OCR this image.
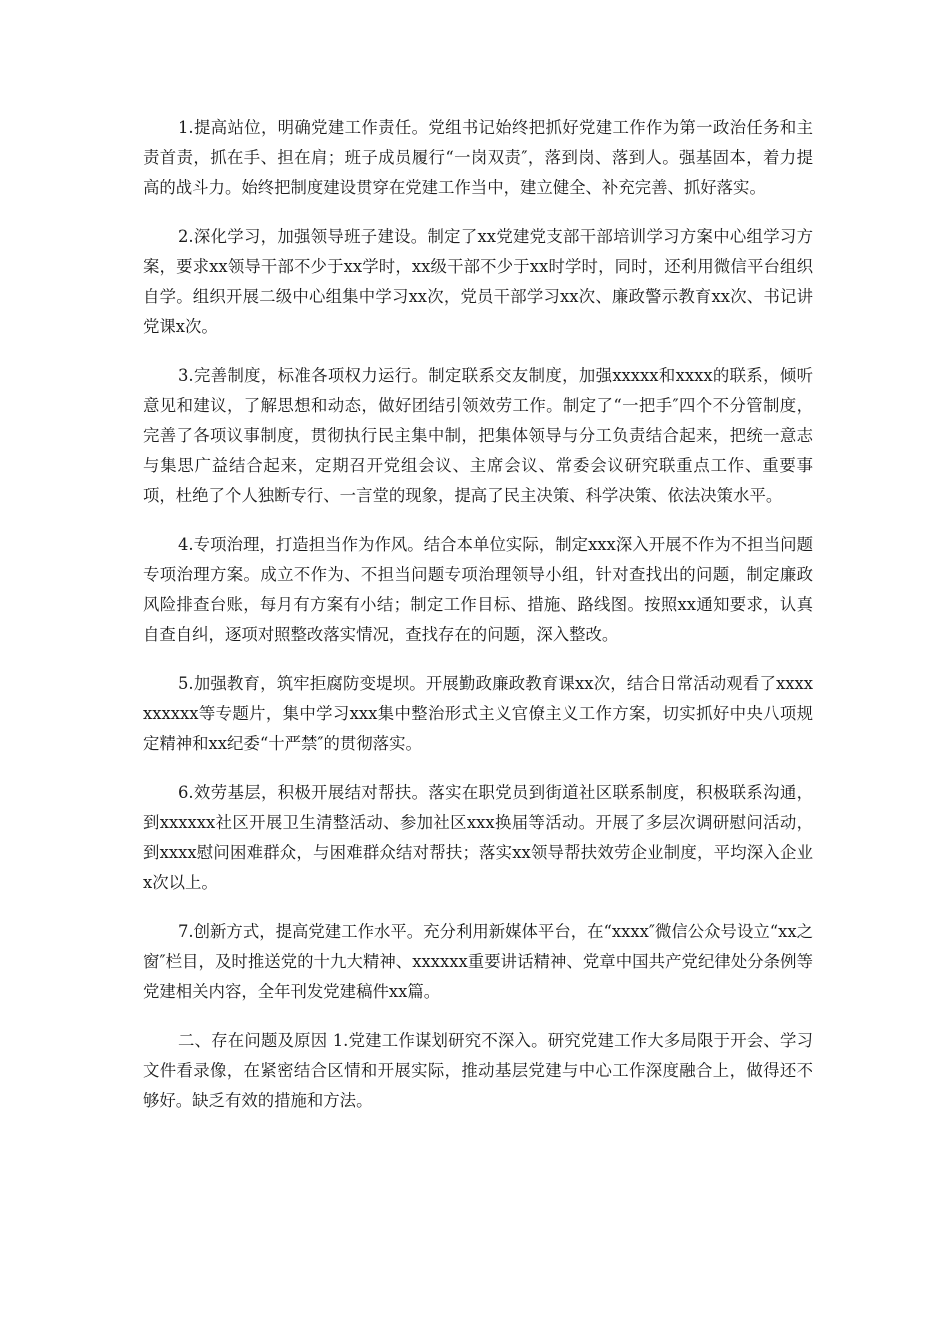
1.提高站位，明确党建工作责任。党组书记始终把抓好党建工作作为第一政治任务和主责首责，抓在手、担在肩；班子成员履行“一岗双责″，落到岗、落到人。强基固本，着力提高的战斗力。始终把制度建设贯穿在党建工作当中，建立健全、补充完善、抓好落实。

2.深化学习，加强领导班子建设。制定了xx党建党支部干部培训学习方案中心组学习方案，要求xx领导干部不少于xx学时，xx级干部不少于xx时学时，同时，还利用微信平台组织自学。组织开展二级中心组集中学习xx次，党员干部学习xx次、廉政警示教育xx次、书记讲党课x次。

3.完善制度，标准各项权力运行。制定联系交友制度，加强xxxxx和xxxx的联系，倾听意见和建议，了解思想和动态，做好团结引领效劳工作。制定了“一把手″四个不分管制度，完善了各项议事制度，贯彻执行民主集中制，把集体领导与分工负责结合起来，把统一意志与集思广益结合起来，定期召开党组会议、主席会议、常委会议研究联重点工作、重要事项，杜绝了个人独断专行、一言堂的现象，提高了民主决策、科学决策、依法决策水平。

4.专项治理，打造担当作为作风。结合本单位实际，制定xxx深入开展不作为不担当问题专项治理方案。成立不作为、不担当问题专项治理领导小组，针对查找出的问题，制定廉政风险排查台账，每月有方案有小结；制定工作目标、措施、路线图。按照xx通知要求，认真自查自纠，逐项对照整改落实情况，查找存在的问题，深入整改。

5.加强教育，筑牢拒腐防变堤坝。开展勤政廉政教育课xx次，结合日常活动观看了xxxxxxxxxx等专题片，集中学习xxx集中整治形式主义官僚主义工作方案，切实抓好中央八项规定精神和xx纪委“十严禁″的贯彻落实。

6.效劳基层，积极开展结对帮扶。落实在职党员到街道社区联系制度，积极联系沟通，到xxxxxx社区开展卫生清整活动、参加社区xxx换届等活动。开展了多层次调研慰问活动，到xxxx慰问困难群众，与困难群众结对帮扶；落实xx领导帮扶效劳企业制度，平均深入企业x次以上。

7.创新方式，提高党建工作水平。充分利用新媒体平台，在“xxxx″微信公众号设立“xx之窗″栏目，及时推送党的十九大精神、xxxxxx重要讲话精神、党章中国共产党纪律处分条例等党建相关内容，全年刊发党建稿件xx篇。

二、存在问题及原因 1.党建工作谋划研究不深入。研究党建工作大多局限于开会、学习文件看录像，在紧密结合区情和开展实际，推动基层党建与中心工作深度融合上，做得还不够好。缺乏有效的措施和方法。
